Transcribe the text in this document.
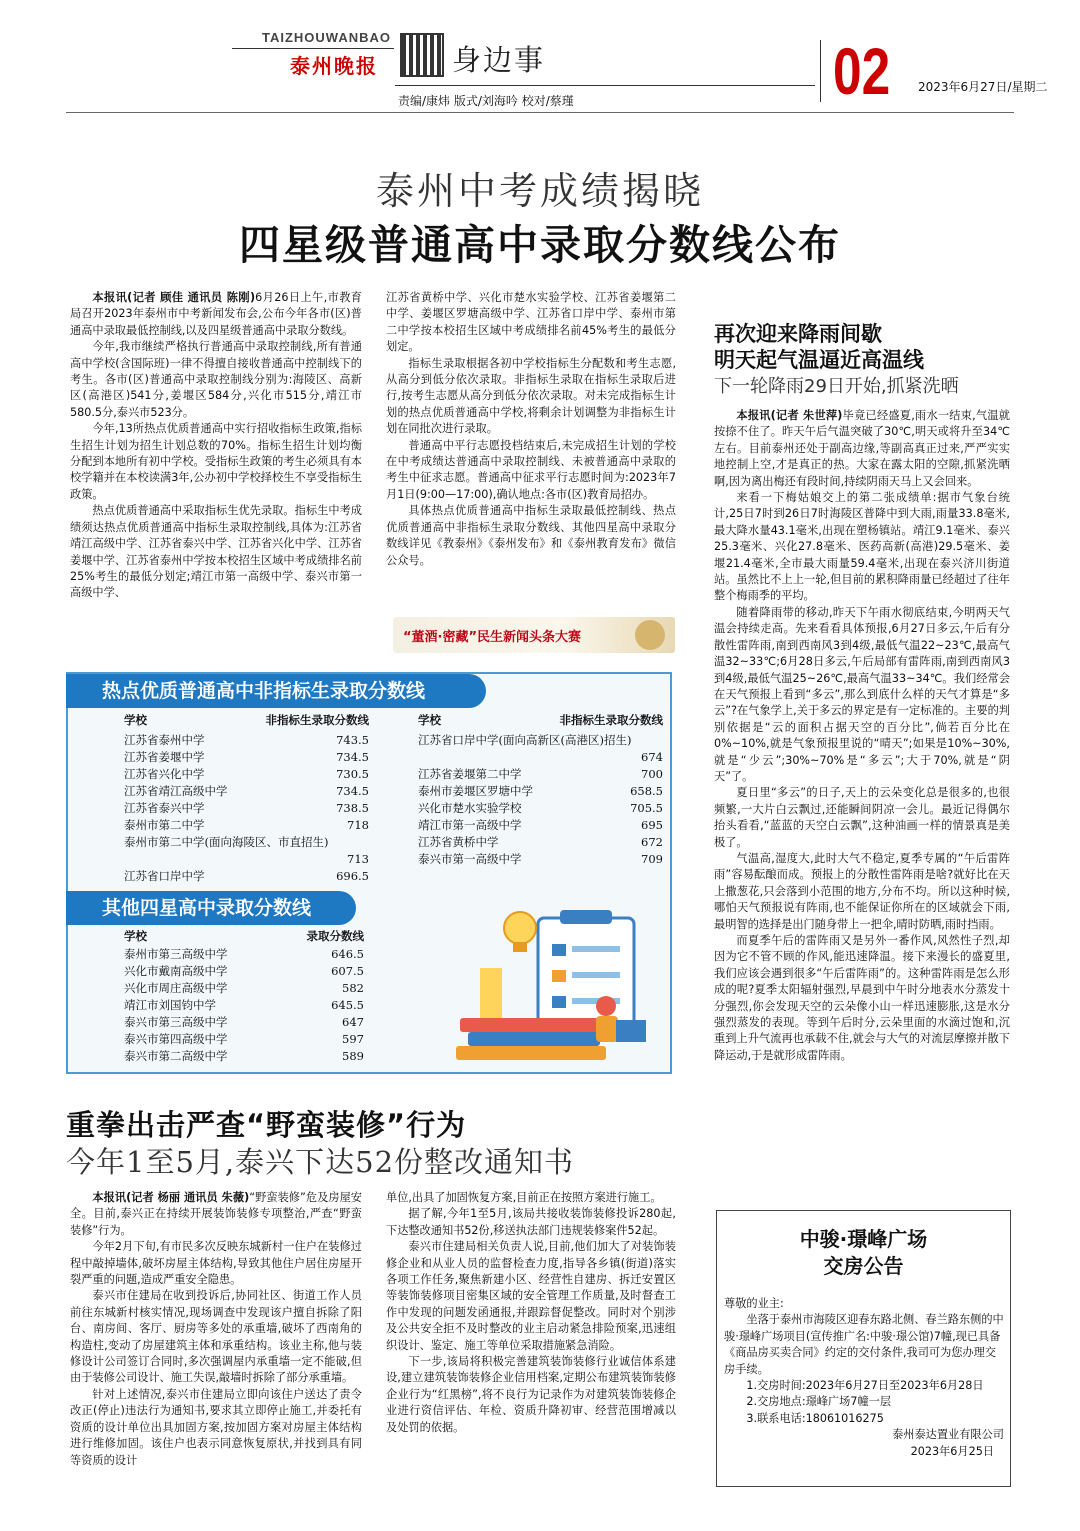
TAIZHOUWANBAO
泰州晚报	身边事
责编/康炜 版式/刘海吟 校对/蔡瑾	02 2023年6月27日/星期二
泰州中考成绩揭晓
四星级普通高中录取分数线公布

本报讯(记者 顾佳 通讯员 陈刚)6月26日上午,市教育局召开2023年泰州市中考新闻发布会,公布今年各市(区)普通高中录取最低控制线,以及四星级普通高中录取分数线。

今年,我市继续严格执行普通高中录取控制线,所有普通高中学校(含国际班)一律不得擅自接收普通高中控制线下的考生。各市(区)普通高中录取控制线分别为:海陵区、高新区(高港区)541分,姜堰区584分,兴化市515分,靖江市580.5分,泰兴市523分。

今年,13所热点优质普通高中实行招收指标生政策,指标生招生计划为招生计划总数的70%。指标生招生计划均衡分配到本地所有初中学校。受指标生政策的考生必须具有本校学籍并在本校读满3年,公办初中学校择校生不享受指标生政策。

热点优质普通高中采取指标生优先录取。指标生中考成绩须达热点优质普通高中指标生录取控制线,具体为:江苏省靖江高级中学、江苏省泰兴中学、江苏省兴化中学、江苏省姜堰中学、江苏省泰州中学按本校招生区域中考成绩排名前25%考生的最低分划定;靖江市第一高级中学、泰兴市第一高级中学、

江苏省黄桥中学、兴化市楚水实验学校、江苏省姜堰第二中学、姜堰区罗塘高级中学、江苏省口岸中学、泰州市第二中学按本校招生区域中考成绩排名前45%考生的最低分划定。

指标生录取根据各初中学校指标生分配数和考生志愿,从高分到低分依次录取。非指标生录取在指标生录取后进行,按考生志愿从高分到低分依次录取。对未完成指标生计划的热点优质普通高中学校,将剩余计划调整为非指标生计划在同批次进行录取。

普通高中平行志愿投档结束后,未完成招生计划的学校在中考成绩达普通高中录取控制线、未被普通高中录取的考生中征求志愿。普通高中征求平行志愿时间为:2023年7月1日(9:00—17:00),确认地点:各市(区)教育局招办。

具体热点优质普通高中指标生录取最低控制线、热点优质普通高中非指标生录取分数线、其他四星高中录取分数线详见《教泰州》《泰州发布》和《泰州教育发布》微信公众号。

“董酒·密藏”民生新闻头条大赛
热点优质普通高中非指标生录取分数线
学校	非指标生录取分数线
江苏省泰州中学	743.5
江苏省姜堰中学	734.5
江苏省兴化中学	730.5
江苏省靖江高级中学	734.5
江苏省泰兴中学	738.5
泰州市第二中学	718
泰州市第二中学(面向海陵区、市直招生)
713
江苏省口岸中学	696.5
学校	非指标生录取分数线
江苏省口岸中学(面向高新区(高港区)招生)
674
江苏省姜堰第二中学	700
泰州市姜堰区罗塘中学	658.5
兴化市楚水实验学校	705.5
靖江市第一高级中学	695
江苏省黄桥中学	672
泰兴市第一高级中学	709
其他四星高中录取分数线
学校	录取分数线
泰州市第三高级中学	646.5
兴化市戴南高级中学	607.5
兴化市周庄高级中学	582
靖江市刘国钧中学	645.5
泰兴市第三高级中学	647
泰兴市第四高级中学	597
泰兴市第二高级中学	589
再次迎来降雨间歇
明天起气温逼近高温线
下一轮降雨29日开始,抓紧洗晒

本报讯(记者 朱世萍)毕竟已经盛夏,雨水一结束,气温就按捺不住了。昨天午后气温突破了30℃,明天或将升至34℃左右。目前泰州还处于副高边缘,等副高真正过来,严严实实地控制上空,才是真正的热。大家在露太阳的空隙,抓紧洗晒啊,因为离出梅还有段时间,持续阴雨天马上又会回来。

来看一下梅姑娘交上的第二张成绩单:据市气象台统计,25日7时到26日7时海陵区普降中到大雨,雨量33.8毫米,最大降水量43.1毫米,出现在塑杨镇站。靖江9.1毫米、泰兴25.3毫米、兴化27.8毫米、医药高新(高港)29.5毫米、姜堰21.4毫米,全市最大雨量59.4毫米,出现在泰兴济川街道站。虽然比不上上一轮,但目前的累积降雨量已经超过了往年整个梅雨季的平均。

随着降雨带的移动,昨天下午雨水彻底结束,今明两天气温会持续走高。先来看看具体预报,6月27日多云,午后有分散性雷阵雨,南到西南风3到4级,最低气温22~23℃,最高气温32~33℃;6月28日多云,午后局部有雷阵雨,南到西南风3到4级,最低气温25~26℃,最高气温33~34℃。我们经常会在天气预报上看到“多云”,那么到底什么样的天气才算是“多云”?在气象学上,关于多云的界定是有一定标准的。主要的判别依据是“云的面积占据天空的百分比”,倘若百分比在0%~10%,就是气象预报里说的“晴天”;如果是10%~30%,就是“少云”;30%~70%是“多云”;大于70%,就是“阴天”了。

夏日里“多云”的日子,天上的云朵变化总是很多的,也很频繁,一大片白云飘过,还能瞬间阴凉一会儿。最近记得偶尔抬头看看,“蓝蓝的天空白云飘”,这种油画一样的情景真是美极了。

气温高,湿度大,此时大气不稳定,夏季专属的“午后雷阵雨”容易酝酿而成。预报上的分散性雷阵雨是啥?就好比在天上撒葱花,只会落到小范围的地方,分布不均。所以这种时候,哪怕天气预报说有阵雨,也不能保证你所在的区域就会下雨,最明智的选择是出门随身带上一把伞,晴时防晒,雨时挡雨。

而夏季午后的雷阵雨又是另外一番作风,风然性子烈,却因为它不管不顾的作风,能迅速降温。接下来漫长的盛夏里,我们应该会遇到很多“午后雷阵雨”的。这种雷阵雨是怎么形成的呢?夏季太阳辐射强烈,早晨到中午时分地表水分蒸发十分强烈,你会发现天空的云朵像小山一样迅速膨胀,这是水分强烈蒸发的表现。等到午后时分,云朵里面的水滴过饱和,沉重到上升气流再也承载不住,就会与大气的对流层摩擦并散下降运动,于是就形成雷阵雨。

重拳出击严查“野蛮装修”行为
今年1至5月,泰兴下达52份整改通知书

本报讯(记者 杨丽 通讯员 朱薇)“野蛮装修”危及房屋安全。目前,泰兴正在持续开展装饰装修专项整治,严查“野蛮装修”行为。

今年2月下旬,有市民多次反映东城新村一住户在装修过程中敲掉墙体,破坏房屋主体结构,导致其他住户居住房屋开裂严重的问题,造成严重安全隐患。

泰兴市住建局在收到投诉后,协同社区、街道工作人员前往东城新村核实情况,现场调查中发现该户擅自拆除了阳台、南房间、客厅、厨房等多处的承重墙,破坏了西南角的构造柱,变动了房屋建筑主体和承重结构。该业主称,他与装修设计公司签订合同时,多次强调屋内承重墙一定不能破,但由于装修公司设计、施工失误,敲墙时拆除了部分承重墙。

针对上述情况,泰兴市住建局立即向该住户送达了责令改正(停止)违法行为通知书,要求其立即停止施工,并委托有资质的设计单位出具加固方案,按加固方案对房屋主体结构进行维修加固。该住户也表示同意恢复原状,并找到具有同等资质的设计

单位,出具了加固恢复方案,目前正在按照方案进行施工。

据了解,今年1至5月,该局共接收装饰装修投诉280起,下达整改通知书52份,移送执法部门违规装修案件52起。

泰兴市住建局相关负责人说,目前,他们加大了对装饰装修企业和从业人员的监督检查力度,指导各乡镇(街道)落实各项工作任务,聚焦新建小区、经营性自建房、拆迁安置区等装饰装修项目密集区域的安全管理工作质量,及时督查工作中发现的问题发函通报,并跟踪督促整改。同时对个别涉及公共安全拒不及时整改的业主启动紧急排险预案,迅速组织设计、鉴定、施工等单位采取措施紧急消险。

下一步,该局将积极完善建筑装饰装修行业诚信体系建设,建立建筑装饰装修企业信用档案,定期公布建筑装饰装修企业行为“红黑榜”,将不良行为记录作为对建筑装饰装修企业进行资信评估、年检、资质升降初审、经营范围增减以及处罚的依据。

中骏·璟峰广场
交房公告

尊敬的业主:

坐落于泰州市海陵区迎春东路北侧、春兰路东侧的中骏·璟峰广场项目(宣传推广名:中骏·璟公馆)7幢,现已具备《商品房买卖合同》约定的交付条件,我司可为您办理交房手续。

1.交房时间:2023年6月27日至2023年6月28日

2.交房地点:璟峰广场7幢一层

3.联系电话:18061016275

泰州泰达置业有限公司

2023年6月25日
